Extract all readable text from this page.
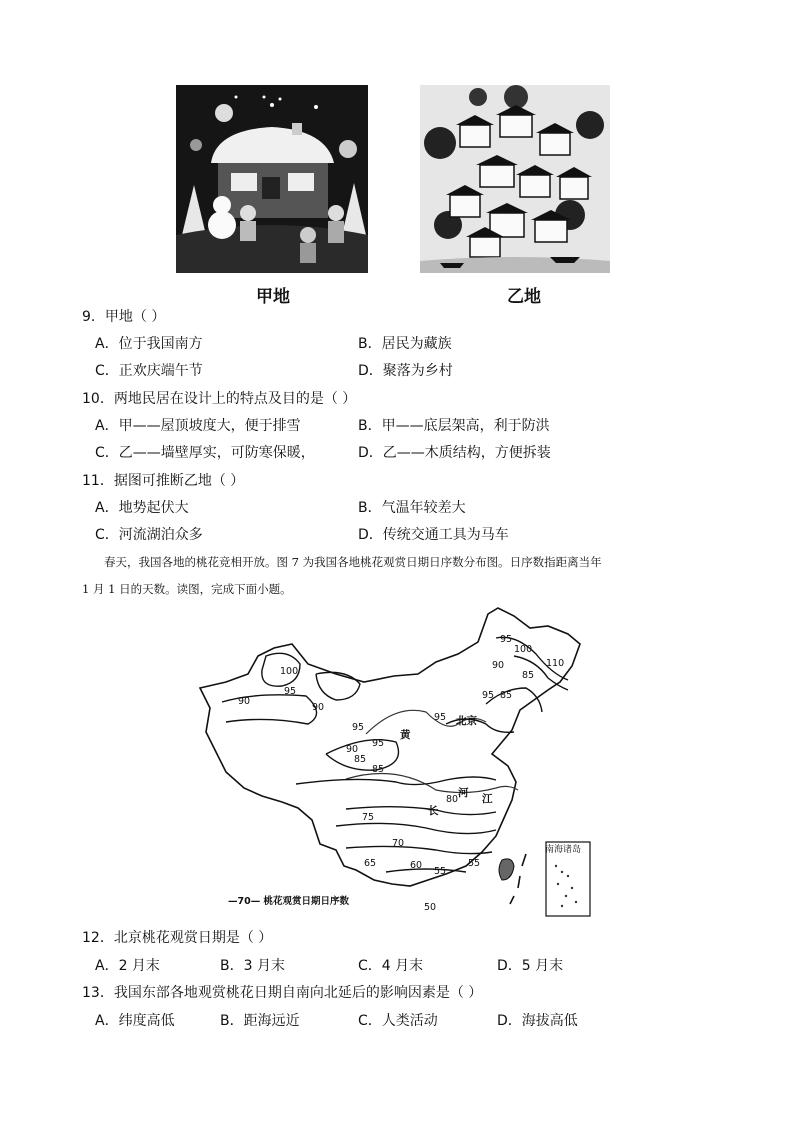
甲地	乙地
9．甲地（ ）
A．位于我国南方	B．居民为藏族
C．正欢庆端午节	D．聚落为乡村
10．两地民居在设计上的特点及目的是（ ）
A．甲——屋顶坡度大，便于排雪	B．甲——底层架高，利于防洪
C．乙——墙壁厚实，可防寒保暖，	D．乙——木质结构，方便拆装
11．据图可推断乙地（ ）
A．地势起伏大	B．气温年较差大
C．河流湖泊众多	D．传统交通工具为马车
春天，我国各地的桃花竞相开放。图 7 为我国各地桃花观赏日期日序数分布图。日序数指距离当年
1 月 1 日的天数。读图，完成下面小题。
100
95
90
90
95
90
95
85
95
85
95
100
110
90
85
95 85
80
75
70
65	60	55
55
50
北京
黄
河
长
江
—70— 桃花观赏日期日序数
南海诸岛
12．北京桃花观赏日期是（ ）
A．2 月末	B．3 月末	C．4 月末	D．5 月末
13．我国东部各地观赏桃花日期自南向北延后的影响因素是（ ）
A．纬度高低	B．距海远近	C．人类活动	D．海拔高低
